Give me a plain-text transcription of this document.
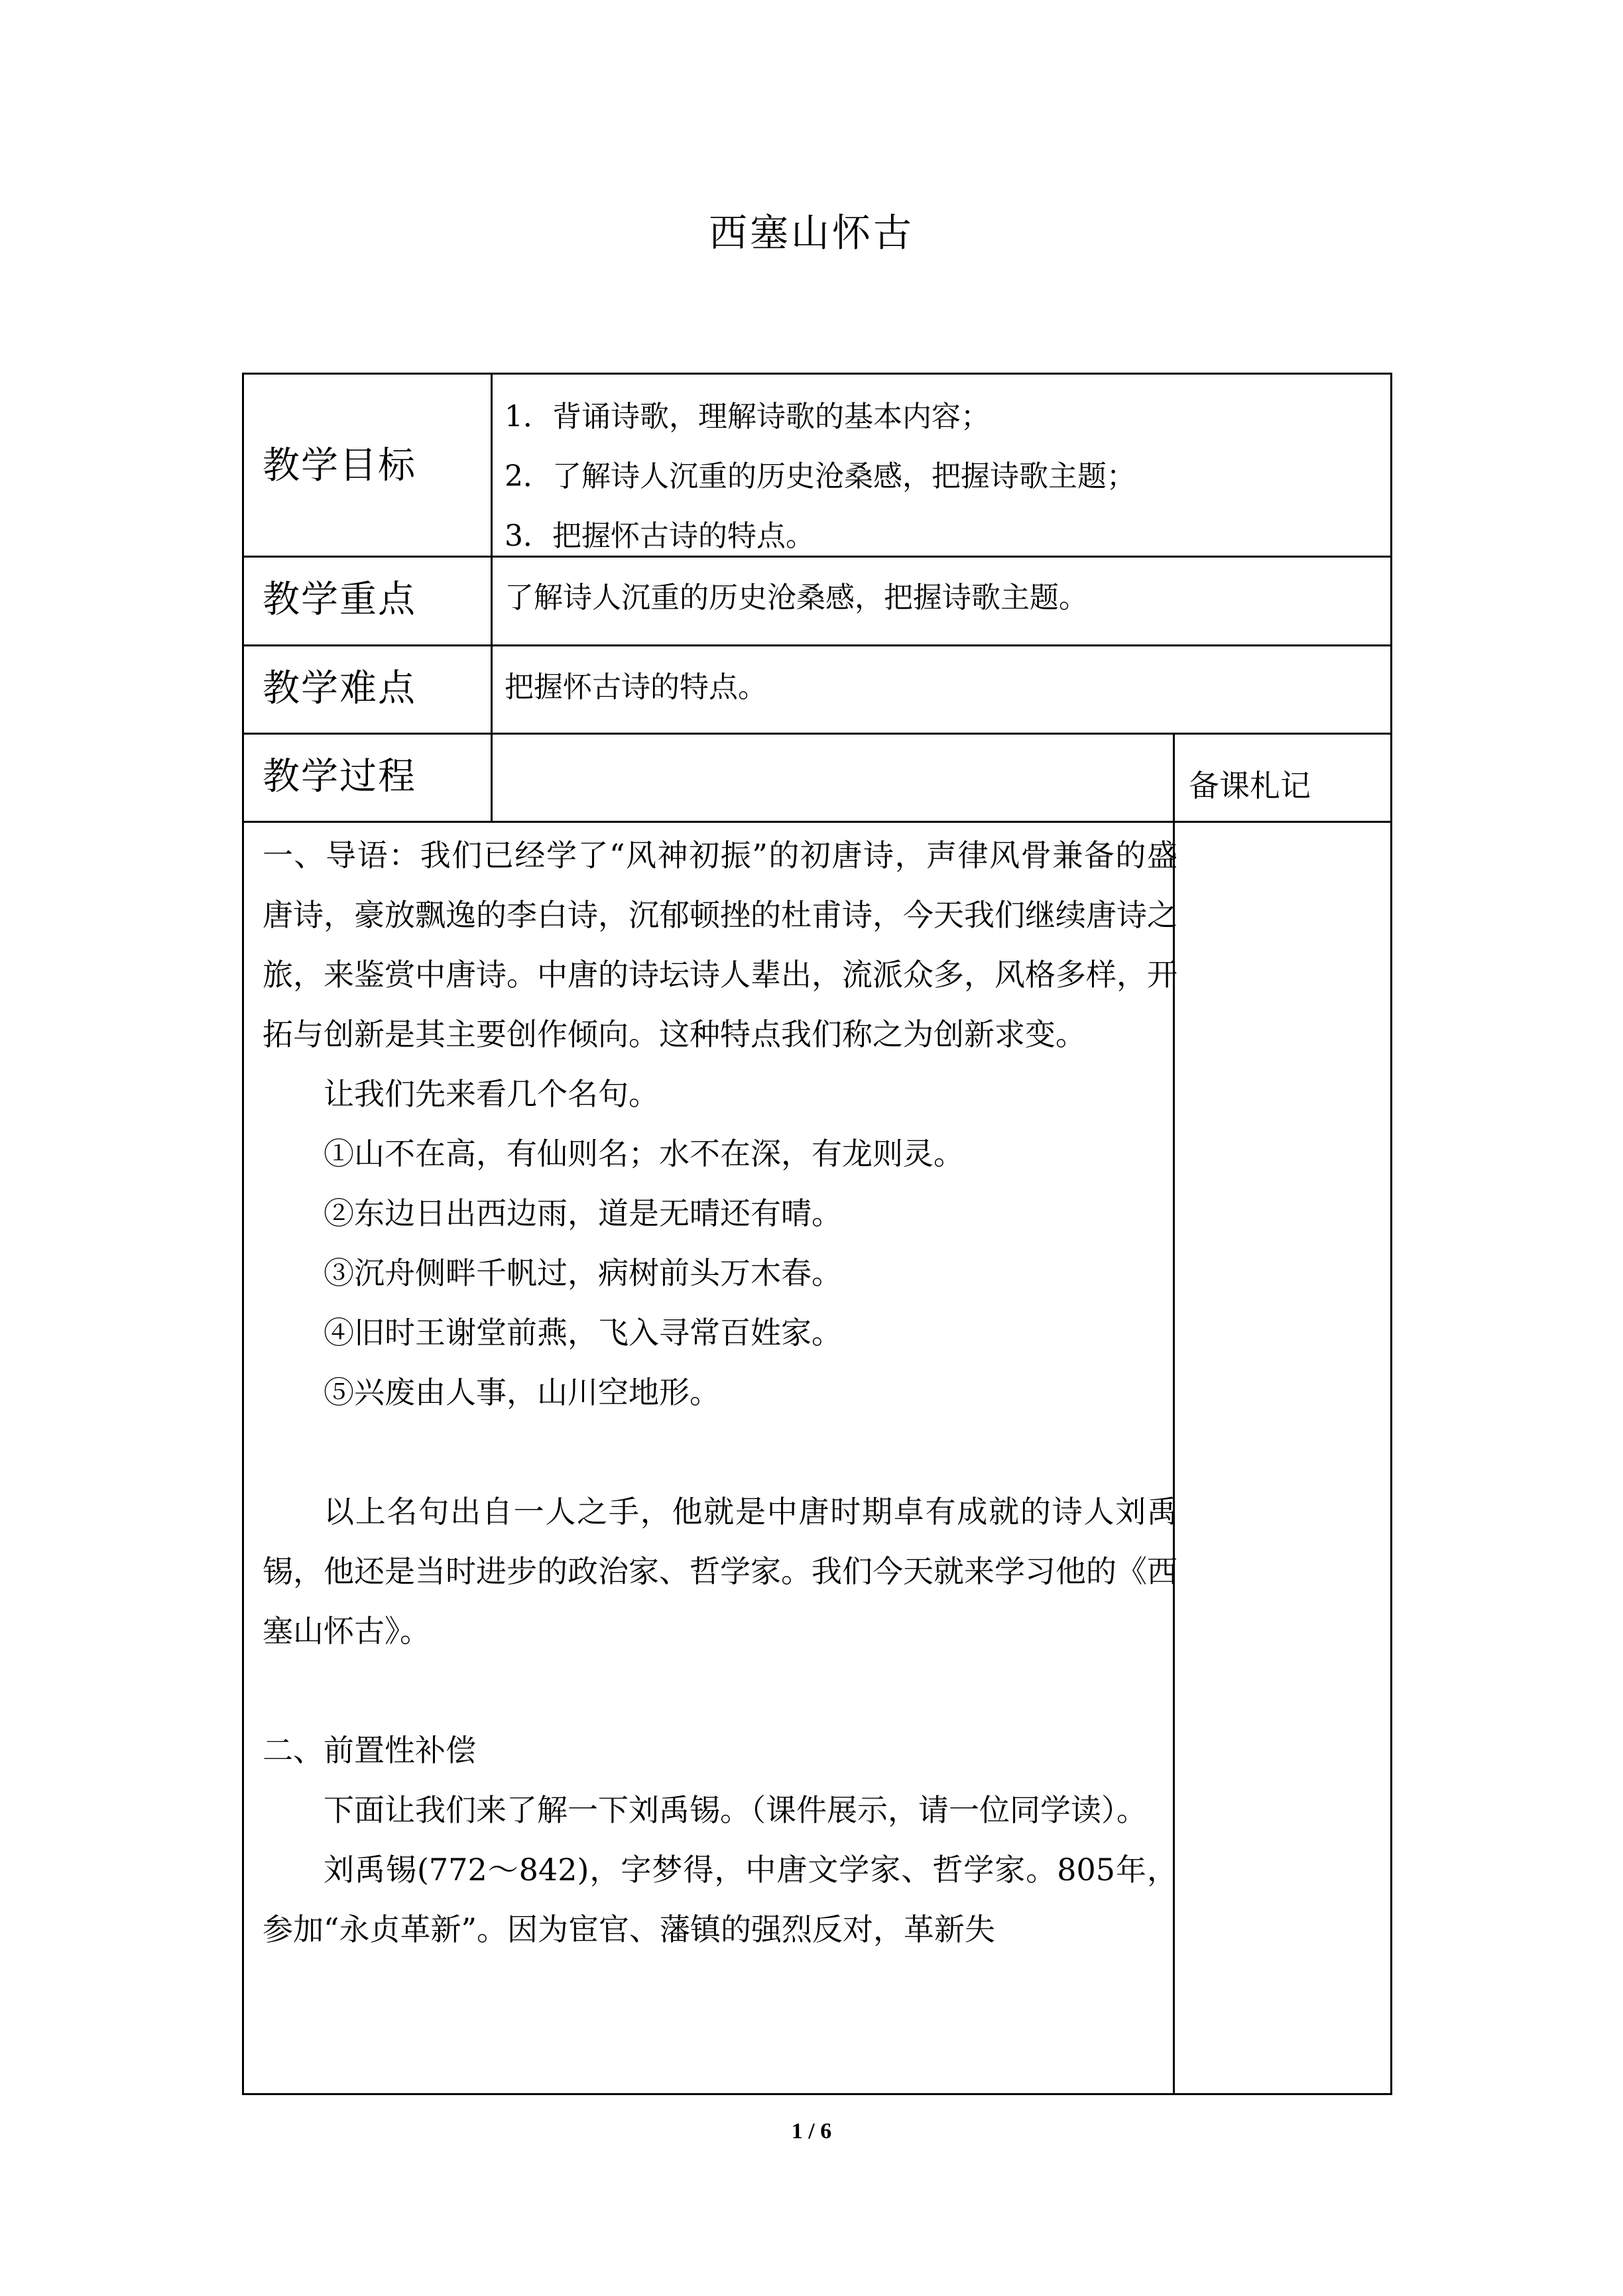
西塞山怀古
教学目标
教学重点
教学难点
教学过程
1．背诵诗歌，理解诗歌的基本内容；
2．了解诗人沉重的历史沧桑感，把握诗歌主题；
3．把握怀古诗的特点。
了解诗人沉重的历史沧桑感，把握诗歌主题。
把握怀古诗的特点。
备课札记

一、导语：我们已经学了“风神初振”的初唐诗，声律风骨兼备的盛唐诗，豪放飘逸的李白诗，沉郁顿挫的杜甫诗，今天我们继续唐诗之旅，来鉴赏中唐诗。中唐的诗坛诗人辈出，流派众多，风格多样，开拓与创新是其主要创作倾向。这种特点我们称之为创新求变。

让我们先来看几个名句。

①山不在高，有仙则名；水不在深，有龙则灵。

②东边日出西边雨，道是无晴还有晴。

③沉舟侧畔千帆过，病树前头万木春。

④旧时王谢堂前燕，飞入寻常百姓家。

⑤兴废由人事，山川空地形。

以上名句出自一人之手，他就是中唐时期卓有成就的诗人刘禹锡，他还是当时进步的政治家、哲学家。我们今天就来学习他的《西塞山怀古》。

二、前置性补偿

下面让我们来了解一下刘禹锡。（课件展示，请一位同学读）。

刘禹锡(772～842)，字梦得，中唐文学家、哲学家。805年，参加“永贞革新”。因为宦官、藩镇的强烈反对，革新失

1 / 6
